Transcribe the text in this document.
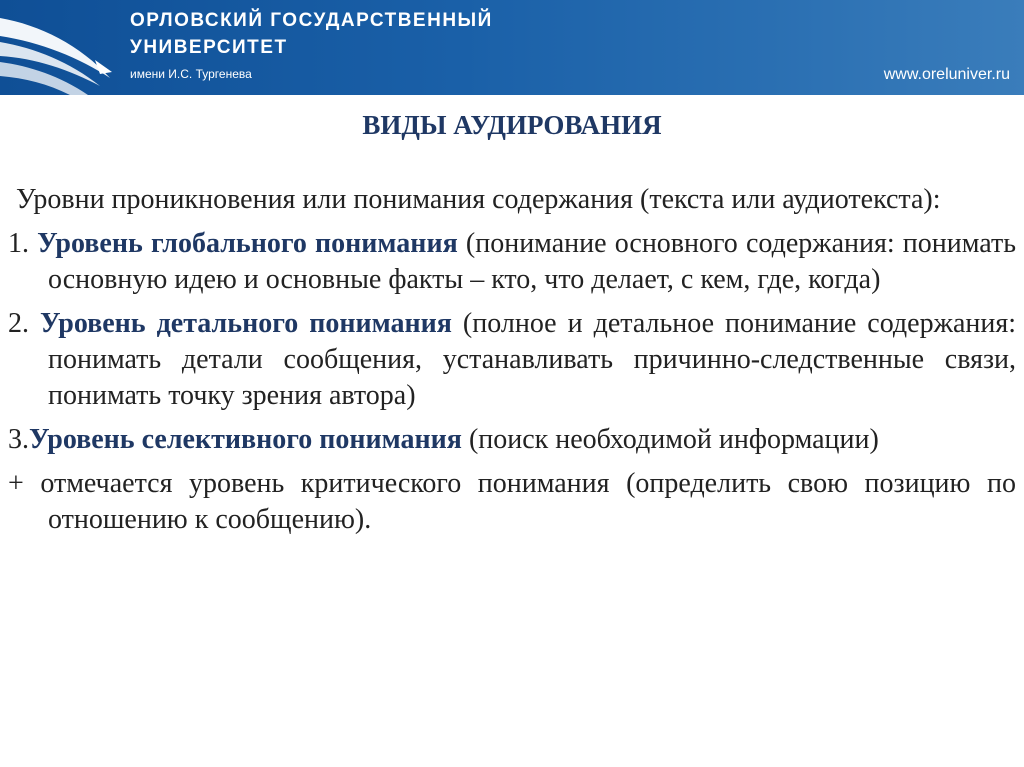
ОРЛОВСКИЙ ГОСУДАРСТВЕННЫЙ
УНИВЕРСИТЕТ
имени И.С. Тургенева	www.oreluniver.ru
ВИДЫ АУДИРОВАНИЯ

Уровни проникновения или понимания содержания (текста или аудиотекста):

1. Уровень глобального понимания (понимание основного содержания: понимать основную идею и основные факты – кто, что делает, с кем, где, когда)

2. Уровень детального понимания (полное и детальное понимание содержания: понимать детали сообщения, устанавливать причинно-следственные связи, понимать точку зрения автора)

3.Уровень селективного понимания (поиск необходимой информации)

+ отмечается уровень критического понимания (определить свою позицию по отношению к сообщению).
